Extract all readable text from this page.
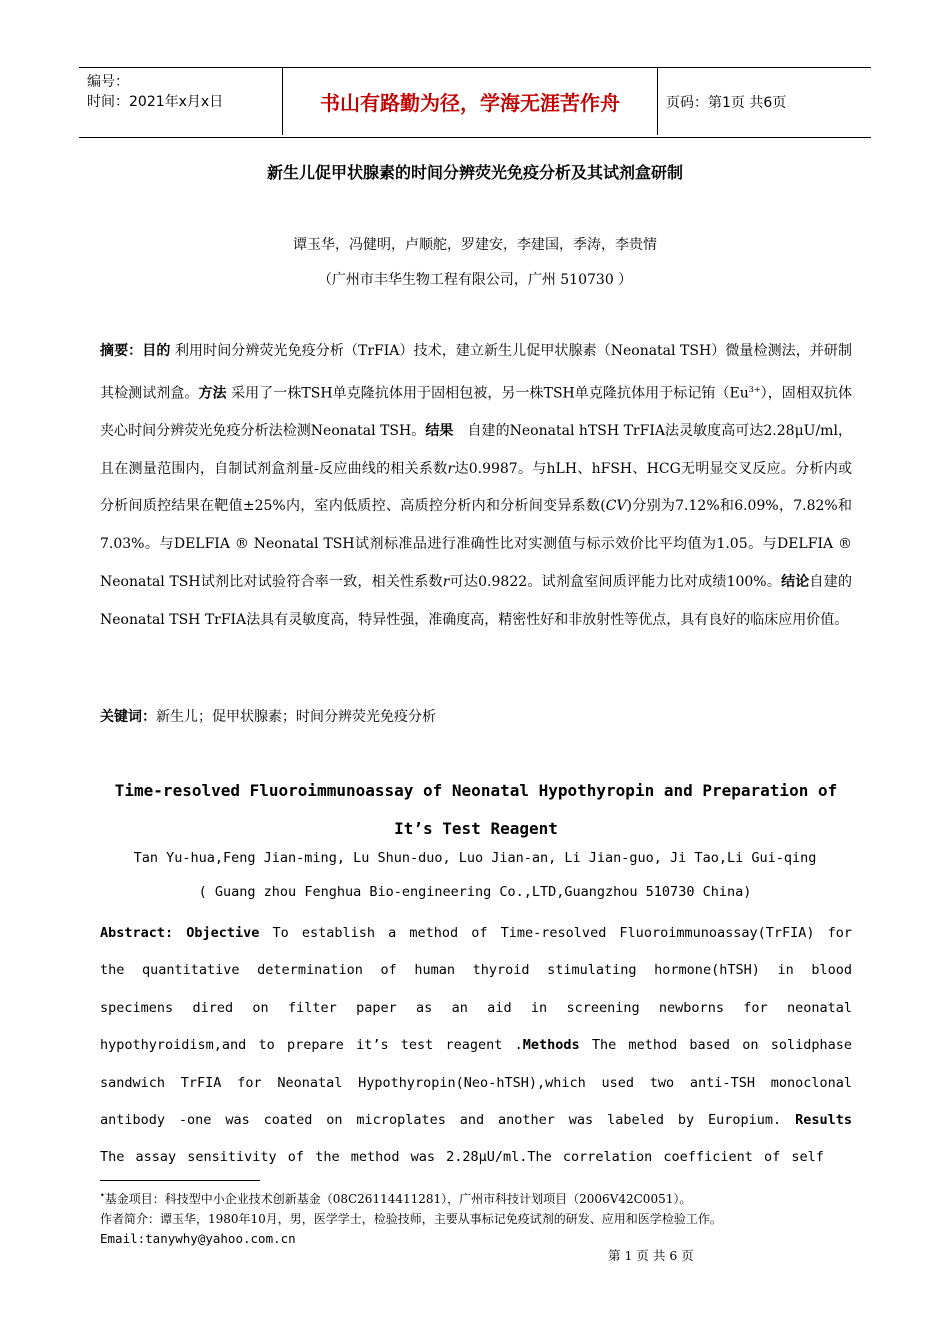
编号：
时间：2021年x月x日	书山有路勤为径，学海无涯苦作舟	页码：第1页 共6页
新生儿促甲状腺素的时间分辨荧光免疫分析及其试剂盒研制
谭玉华，冯健明，卢顺舵，罗建安，李建国，季涛，李贵情
（广州市丰华生物工程有限公司，广州 510730 ）
摘要：目的 利用时间分辨荧光免疫分析（TrFIA）技术，建立新生儿促甲状腺素（Neonatal TSH）微量检测法，并研制其检测试剂盒。方法 采用了一株TSH单克隆抗体用于固相包被，另一株TSH单克隆抗体用于标记铕$(Eu^{3+})$，固相双抗体夹心时间分辨荧光免疫分析法检测Neonatal TSH。结果　自建的Neonatal hTSH TrFIA法灵敏度高可达2.28μU/ml，且在测量范围内，自制试剂盒剂量-反应曲线的相关系数r达0.9987。与hLH、hFSH、HCG无明显交叉反应。分析内或分析间质控结果在靶值±25%内，室内低质控、高质控分析内和分析间变异系数(CV)分别为7.12%和6.09%，7.82%和7.03%。与DELFIA ® Neonatal TSH试剂标准品进行准确性比对实测值与标示效价比平均值为1.05。与DELFIA ® Neonatal TSH试剂比对试验符合率一致，相关性系数r可达0.9822。试剂盒室间质评能力比对成绩100%。结论自建的Neonatal TSH TrFIA法具有灵敏度高，特异性强，准确度高，精密性好和非放射性等优点，具有良好的临床应用价值。
关键词：新生儿；促甲状腺素；时间分辨荧光免疫分析
Time-resolved Fluoroimmunoassay of Neonatal Hypothyropin and Preparation of It’s Test Reagent
Tan Yu-hua,Feng Jian-ming, Lu Shun-duo, Luo Jian-an, Li Jian-guo, Ji Tao,Li Gui-qing
( Guang zhou Fenghua Bio-engineering Co.,LTD,Guangzhou 510730 China)
Abstract: Objective To establish a method of Time-resolved Fluoroimmunoassay(TrFIA) for the quantitative determination of human thyroid stimulating hormone(hTSH) in blood specimens dired on filter paper as an aid in screening newborns for neonatal hypothyroidism,and to prepare it’s test reagent .Methods The method based on solidphase sandwich TrFIA for Neonatal Hypothyropin(Neo-hTSH),which used two anti-TSH monoclonal antibody -one was coated on microplates and another was labeled by Europium. Results The assay sensitivity of the method was 2.28μU/ml.The correlation coefficient of self
•基金项目：科技型中小企业技术创新基金（08C26114411281），广州市科技计划项目（2006V42C0051）。
作者简介：谭玉华，1980年10月，男，医学学士，检验技师，主要从事标记免疫试剂的研发、应用和医学检验工作。
Email:tanywhy@yahoo.com.cn
第 1 页 共 6 页
